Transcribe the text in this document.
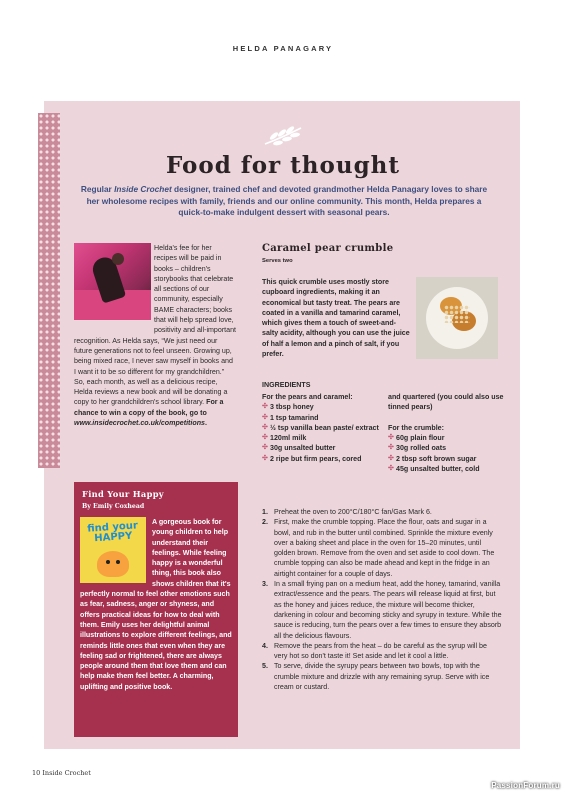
HELDA PANAGARY
Food for thought

Regular Inside Crochet designer, trained chef and devoted grandmother Helda Panagary loves to share her wholesome recipes with family, friends and our online community. This month, Helda prepares a quick-to-make indulgent dessert with seasonal pears.

Helda's fee for her recipes will be paid in books – children's storybooks that celebrate all sections of our community, especially BAME characters; books that will help spread love, positivity and all-important recognition. As Helda says, “We just need our future generations not to feel unseen. Growing up, being mixed race, I never saw myself in books and I want it to be so different for my grandchildren.” So, each month, as well as a delicious recipe, Helda reviews a new book and will be donating a copy to her grandchildren's school library. For a chance to win a copy of the book, go to www.insidecrochet.co.uk/competitions.
Find Your Happy
By Emily Coxhead
find your HAPPY
A gorgeous book for young children to help understand their feelings. While feeling happy is a wonderful thing, this book also shows children that it's perfectly normal to feel other emotions such as fear, sadness, anger or shyness, and offers practical ideas for how to deal with them. Emily uses her delightful animal illustrations to explore different feelings, and reminds little ones that even when they are feeling sad or frightened, there are always people around them that love them and can help make them feel better. A charming, uplifting and positive book.
Caramel pear crumble
Serves two

This quick crumble uses mostly store cupboard ingredients, making it an economical but tasty treat. The pears are coated in a vanilla and tamarind caramel, which gives them a touch of sweet-and-salty acidity, although you can use the juice of half a lemon and a pinch of salt, if you prefer.

INGREDIENTS
For the pears and caramel:
✣ 3 tbsp honey
✣ 1 tsp tamarind
✣ ½ tsp vanilla bean paste/ extract
✣ 120ml milk
✣ 30g unsalted butter
✣ 2 ripe but firm pears, cored
and quartered (you could also use tinned pears)
For the crumble:
✣ 60g plain flour
✣ 30g rolled oats
✣ 2 tbsp soft brown sugar
✣ 45g unsalted butter, cold
1. Preheat the oven to 200°C/180°C fan/Gas Mark 6.
2. First, make the crumble topping. Place the flour, oats and sugar in a bowl, and rub in the butter until combined. Sprinkle the mixture evenly over a baking sheet and place in the oven for 15–20 minutes, until golden brown. Remove from the oven and set aside to cool down. The crumble topping can also be made ahead and kept in the fridge in an airtight container for a couple of days.
3. In a small frying pan on a medium heat, add the honey, tamarind, vanilla extract/essence and the pears. The pears will release liquid at first, but as the honey and juices reduce, the mixture will become thicker, darkening in colour and becoming sticky and syrupy in texture. While the sauce is reducing, turn the pears over a few times to ensure they absorb all the delicious flavours.
4. Remove the pears from the heat – do be careful as the syrup will be very hot so don't taste it! Set aside and let it cool a little.
5. To serve, divide the syrupy pears between two bowls, top with the crumble mixture and drizzle with any remaining syrup. Serve with ice cream or custard.
10 Inside Crochet
PassionForum.ru
